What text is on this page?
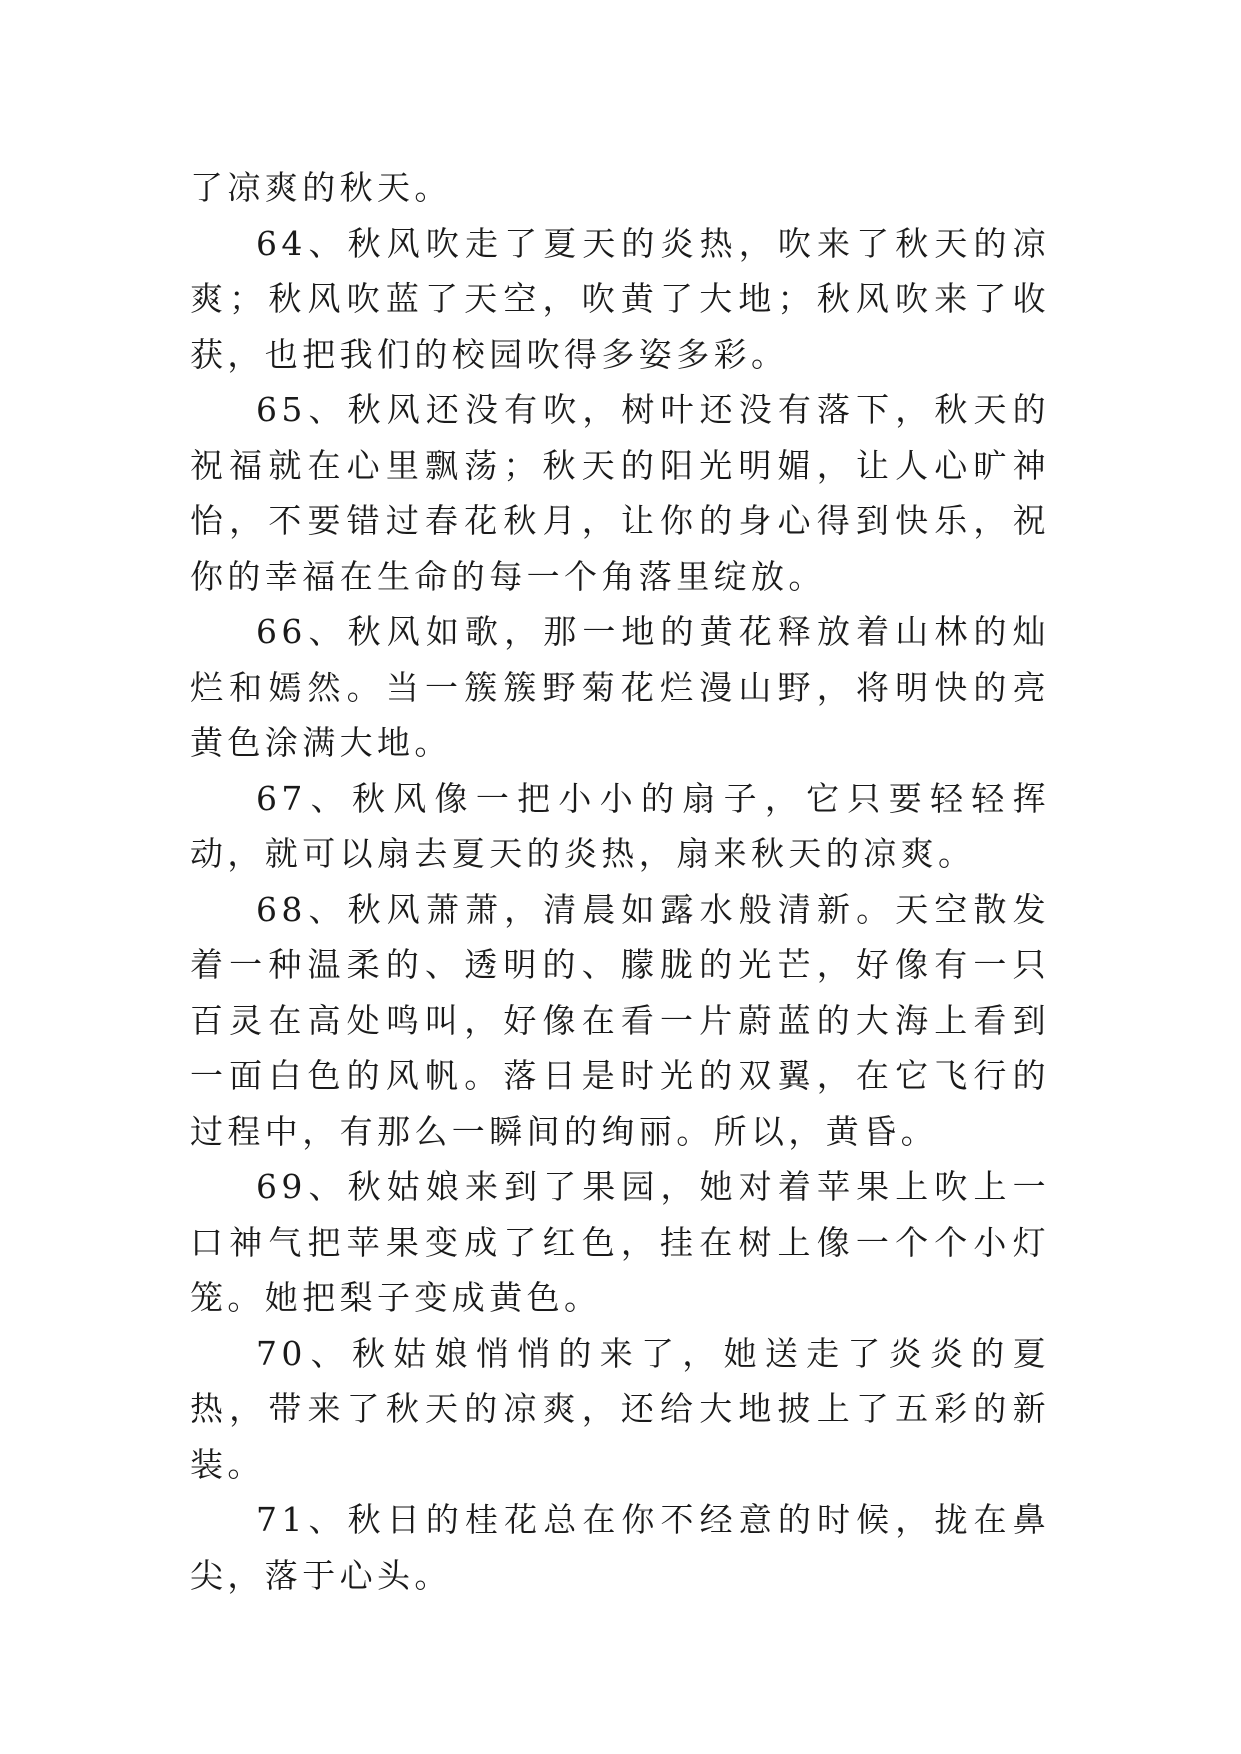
了凉爽的秋天。

64、秋风吹走了夏天的炎热，吹来了秋天的凉爽；秋风吹蓝了天空，吹黄了大地；秋风吹来了收获，也把我们的校园吹得多姿多彩。

65、秋风还没有吹，树叶还没有落下，秋天的祝福就在心里飘荡；秋天的阳光明媚，让人心旷神怡，不要错过春花秋月，让你的身心得到快乐，祝你的幸福在生命的每一个角落里绽放。

66、秋风如歌，那一地的黄花释放着山林的灿烂和嫣然。当一簇簇野菊花烂漫山野，将明快的亮黄色涂满大地。

67、秋风像一把小小的扇子，它只要轻轻挥动，就可以扇去夏天的炎热，扇来秋天的凉爽。

68、秋风萧萧，清晨如露水般清新。天空散发着一种温柔的、透明的、朦胧的光芒，好像有一只百灵在高处鸣叫，好像在看一片蔚蓝的大海上看到一面白色的风帆。落日是时光的双翼，在它飞行的过程中，有那么一瞬间的绚丽。所以，黄昏。

69、秋姑娘来到了果园，她对着苹果上吹上一口神气把苹果变成了红色，挂在树上像一个个小灯笼。她把梨子变成黄色。

70、秋姑娘悄悄的来了，她送走了炎炎的夏热，带来了秋天的凉爽，还给大地披上了五彩的新装。

71、秋日的桂花总在你不经意的时候，拢在鼻尖，落于心头。
